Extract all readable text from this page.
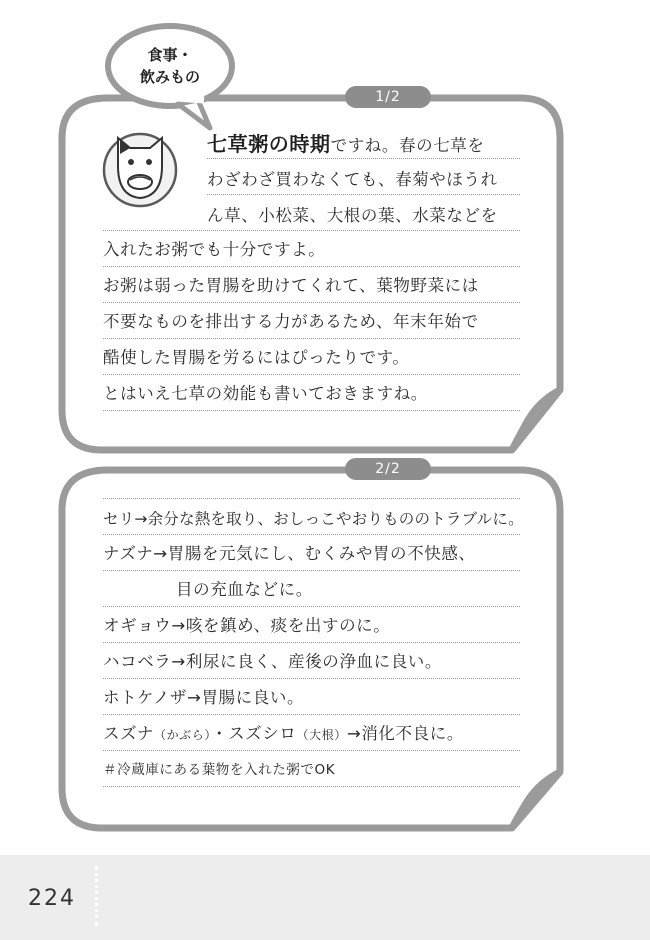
食事・
飲みもの
1/2
2/2
七草粥の時期ですね。春の七草を
わざわざ買わなくても、春菊やほうれ
ん草、小松菜、大根の葉、水菜などを
入れたお粥でも十分ですよ。
お粥は弱った胃腸を助けてくれて、葉物野菜には
不要なものを排出する力があるため、年末年始で
酷使した胃腸を労るにはぴったりです。
とはいえ七草の効能も書いておきますね。
セリ→余分な熱を取り、おしっこやおりもののトラブルに。
ナズナ→胃腸を元気にし、むくみや胃の不快感、
目の充血などに。
オギョウ→咳を鎮め、痰を出すのに。
ハコベラ→利尿に良く、産後の浄血に良い。
ホトケノザ→胃腸に良い。
スズナ（かぶら）・スズシロ（大根）→消化不良に。
＃冷蔵庫にある葉物を入れた粥でOK
224
